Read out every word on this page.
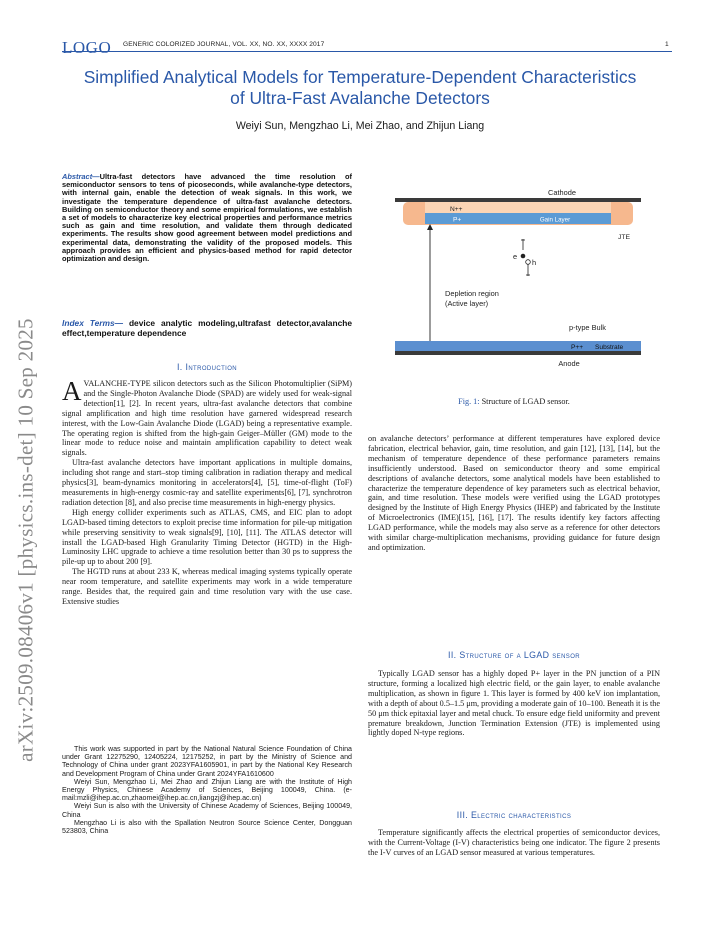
LOGO GENERIC COLORIZED JOURNAL, VOL. XX, NO. XX, XXXX 2017	1
Simplified Analytical Models for Temperature-Dependent Characteristics
of Ultra-Fast Avalanche Detectors
Weiyi Sun, Mengzhao Li, Mei Zhao, and Zhijun Liang
arXiv:2509.08406v1 [physics.ins-det] 10 Sep 2025
Abstract—Ultra-fast detectors have advanced the time resolution of semiconductor sensors to tens of picoseconds, while avalanche-type detectors, with internal gain, enable the detection of weak signals. In this work, we investigate the temperature dependence of ultra-fast avalanche detectors. Building on semiconductor theory and some empirical formulations, we establish a set of models to characterize key electrical properties and performance metrics such as gain and time resolution, and validate them through dedicated experiments. The results show good agreement between model predictions and experimental data, demonstrating the validity of the proposed models. This approach provides an efficient and physics-based method for rapid detector optimization and design.
Index Terms— device analytic modeling,ultrafast detector,avalanche effect,temperature dependence
I. Introduction

AVALANCHE-TYPE silicon detectors such as the Silicon Photomultiplier (SiPM) and the Single-Photon Avalanche Diode (SPAD) are widely used for weak-signal detection[1], [2]. In recent years, ultra-fast avalanche detectors that combine signal amplification and high time resolution have garnered widespread research interest, with the Low-Gain Avalanche Diode (LGAD) being a representative example. The operating region is shifted from the high-gain Geiger–Müller (GM) mode to the linear mode to reduce noise and maintain amplification capability to detect weak signals.

Ultra-fast avalanche detectors have important applications in multiple domains, including shot range and start–stop timing calibration in radiation therapy and medical physics[3], beam-dynamics monitoring in accelerators[4], [5], time-of-flight (ToF) measurements in high-energy cosmic-ray and satellite experiments[6], [7], synchrotron radiation detection [8], and also precise time measurements in high-energy physics.

High energy collider experiments such as ATLAS, CMS, and EIC plan to adopt LGAD-based timing detectors to exploit precise time information for pile-up mitigation while preserving sensitivity to weak signals[9], [10], [11]. The ATLAS detector will install the LGAD-based High Granularity Timing Detector (HGTD) in the High-Luminosity LHC upgrade to achieve a time resolution better than 30 ps to suppress the pile-up up to about 200 [9].

The HGTD runs at about 233 K, whereas medical imaging systems typically operate near room temperature, and satellite experiments may work in a wide temperature range. Besides that, the required gain and time resolution vary with the use case. Extensive studies

This work was supported in part by the National Natural Science Foundation of China under Grant 12275290, 12405224, 12175252, in part by the Ministry of Science and Technology of China under grant 2023YFA1605901, in part by the National Key Research and Development Program of China under Grant 2024YFA1610600

Weiyi Sun, Mengzhao Li, Mei Zhao and Zhijun Liang are with the Institute of High Energy Physics, Chinese Academy of Sciences, Beijing 100049, China. (e-mail:mzli@ihep.ac.cn,zhaomei@ihep.ac.cn,liangzj@ihep.ac.cn)

Weiyi Sun is also with the University of Chinese Academy of Sciences, Beijing 100049, China

Mengzhao Li is also with the Spallation Neutron Source Science Center, Dongguan 523803, China

Cathode
N++
P+	Gain Layer
JTE
e
h
Depletion region
(Active layer)
p-type Bulk
P++ Substrate
Anode
Fig. 1: Structure of LGAD sensor.

on avalanche detectors’ performance at different temperatures have explored device fabrication, electrical behavior, gain, time resolution, and gain [12], [13], [14], but the mechanism of temperature dependence of these performance parameters remains insufficiently understood. Based on semiconductor theory and some empirical descriptions of avalanche detectors, some analytical models have been established to characterize the temperature dependence of key parameters such as electrical behavior, gain, and time resolution. These models were verified using the LGAD prototypes designed by the Institute of High Energy Physics (IHEP) and fabricated by the Institute of Microelectronics (IME)[15], [16], [17]. The results identify key factors affecting LGAD performance, while the models may also serve as a reference for other detectors with similar charge-multiplication mechanisms, providing guidance for future design and optimization.

II. Structure of a LGAD sensor

Typically LGAD sensor has a highly doped P+ layer in the PN junction of a PIN structure, forming a localized high electric field, or the gain layer, to enable avalanche multiplication, as shown in figure 1. This layer is formed by 400 keV ion implantation, with a depth of about 0.5–1.5 μm, providing a moderate gain of 10–100. Beneath it is the 50 μm thick epitaxial layer and metal chuck. To ensure edge field uniformity and prevent premature breakdown, Junction Termination Extension (JTE) is implemented using lightly doped N-type regions.

III. Electric characteristics

Temperature significantly affects the electrical properties of semiconductor devices, with the Current-Voltage (I-V) characteristics being one indicator. The figure 2 presents the I-V curves of an LGAD sensor measured at various temperatures.
